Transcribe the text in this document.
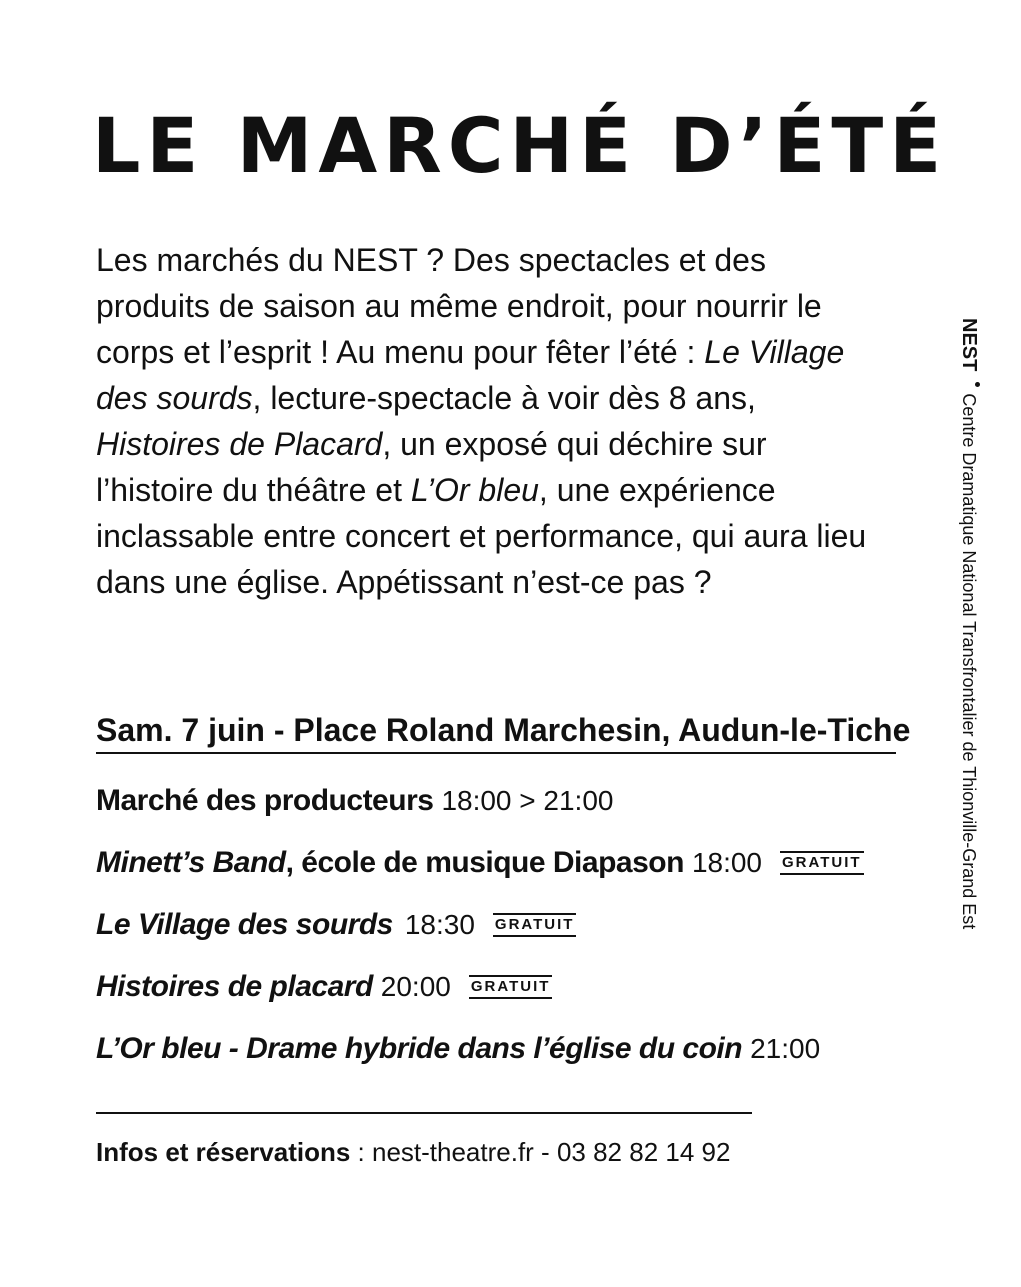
LE MARCHÉ D’ÉTÉ

Les marchés du NEST ? Des spectacles et des produits de saison au même endroit, pour nourrir le corps et l’esprit ! Au menu pour fêter l’été : Le Village des sourds, lecture-spectacle à voir dès 8 ans, Histoires de Placard, un exposé qui déchire sur l’histoire du théâtre et L’Or bleu, une expérience inclassable entre concert et performance, qui aura lieu dans une église. Appétissant n’est-ce pas ?

Sam. 7 juin - Place Roland Marchesin, Audun-le-Tiche
Marché des producteurs 18:00 > 21:00
Minett’s Band, école de musique Diapason 18:00 GRATUIT
Le Village des sourds 18:30 GRATUIT
Histoires de placard 20:00 GRATUIT
L’Or bleu - Drame hybride dans l’église du coin 21:00
Infos et réservations : nest-theatre.fr - 03 82 82 14 92
NESTCentre Dramatique National Transfrontalier de Thionville-Grand Est
